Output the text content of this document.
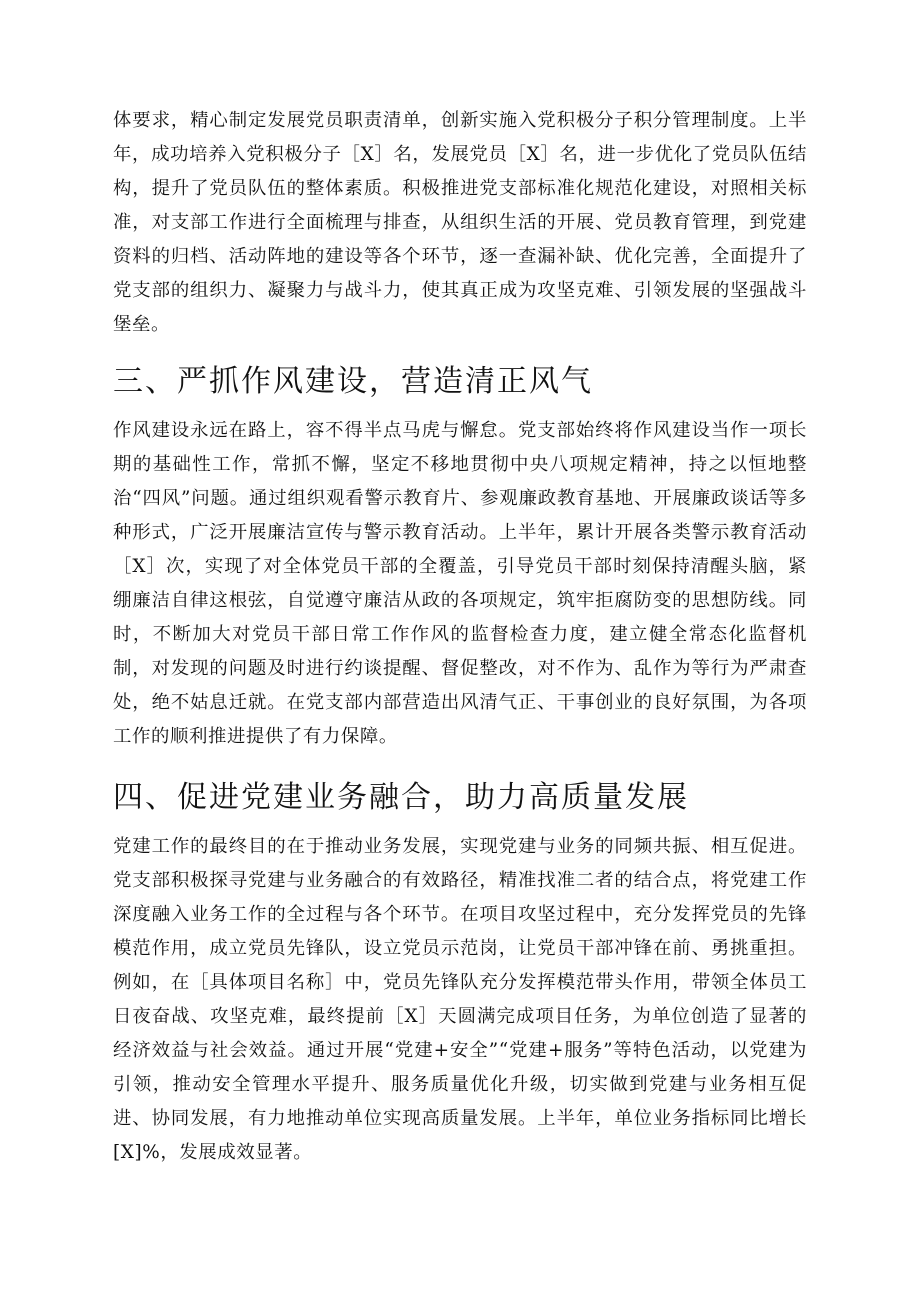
体要求，精心制定发展党员职责清单，创新实施入党积极分子积分管理制度。上半年，成功培养入党积极分子［X］名，发展党员［X］名，进一步优化了党员队伍结构，提升了党员队伍的整体素质。积极推进党支部标准化规范化建设，对照相关标准，对支部工作进行全面梳理与排查，从组织生活的开展、党员教育管理，到党建资料的归档、活动阵地的建设等各个环节，逐一查漏补缺、优化完善，全面提升了党支部的组织力、凝聚力与战斗力，使其真正成为攻坚克难、引领发展的坚强战斗堡垒。

三、严抓作风建设，营造清正风气

作风建设永远在路上，容不得半点马虎与懈怠。党支部始终将作风建设当作一项长期的基础性工作，常抓不懈，坚定不移地贯彻中央八项规定精神，持之以恒地整治“四风”问题。通过组织观看警示教育片、参观廉政教育基地、开展廉政谈话等多种形式，广泛开展廉洁宣传与警示教育活动。上半年，累计开展各类警示教育活动［X］次，实现了对全体党员干部的全覆盖，引导党员干部时刻保持清醒头脑，紧绷廉洁自律这根弦，自觉遵守廉洁从政的各项规定，筑牢拒腐防变的思想防线。同时，不断加大对党员干部日常工作作风的监督检查力度，建立健全常态化监督机制，对发现的问题及时进行约谈提醒、督促整改，对不作为、乱作为等行为严肃查处，绝不姑息迁就。在党支部内部营造出风清气正、干事创业的良好氛围，为各项工作的顺利推进提供了有力保障。

四、促进党建业务融合，助力高质量发展

党建工作的最终目的在于推动业务发展，实现党建与业务的同频共振、相互促进。党支部积极探寻党建与业务融合的有效路径，精准找准二者的结合点，将党建工作深度融入业务工作的全过程与各个环节。在项目攻坚过程中，充分发挥党员的先锋模范作用，成立党员先锋队，设立党员示范岗，让党员干部冲锋在前、勇挑重担。例如，在［具体项目名称］中，党员先锋队充分发挥模范带头作用，带领全体员工日夜奋战、攻坚克难，最终提前［X］天圆满完成项目任务，为单位创造了显著的经济效益与社会效益。通过开展“党建+安全”“党建+服务”等特色活动，以党建为引领，推动安全管理水平提升、服务质量优化升级，切实做到党建与业务相互促进、协同发展，有力地推动单位实现高质量发展。上半年，单位业务指标同比增长[X]%，发展成效显著。
